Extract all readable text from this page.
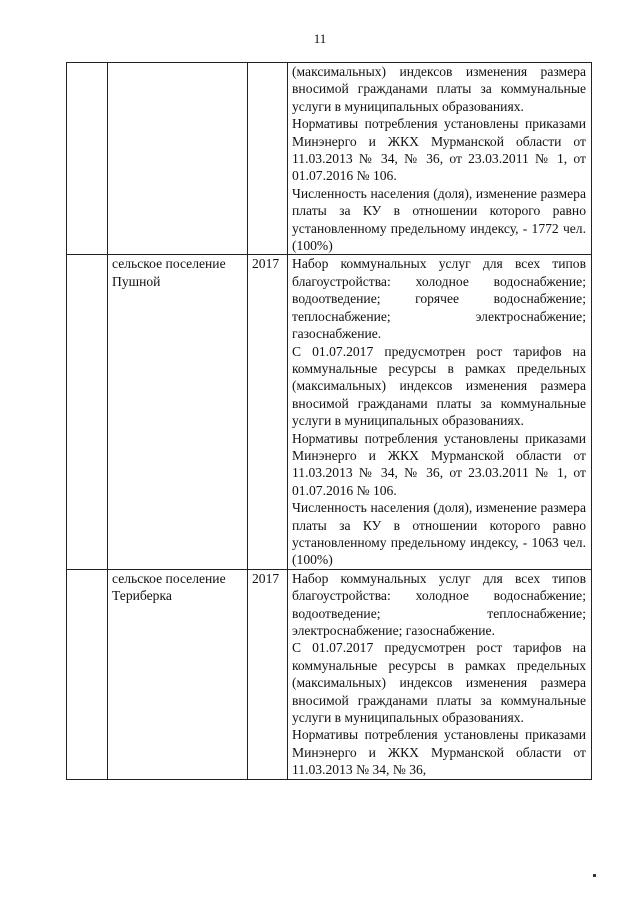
11

			(максимальных) индексов изменения размера вносимой гражданами платы за коммунальные услуги в муниципальных образованиях.

Нормативы потребления установлены приказами Минэнерго и ЖКХ Мурманской области от 11.03.2013 № 34, № 36, от 23.03.2011 № 1, от 01.07.2016 № 106.

Численность населения (доля), изменение размера платы за КУ в отношении которого равно установленному предельному индексу, - 1772 чел. (100%)

	сельское поселение Пушной	2017	Набор коммунальных услуг для всех типов благоустройства: холодное водоснабжение; водоотведение; горячее водоснабжение; теплоснабжение; электроснабжение; газоснабжение.

С 01.07.2017 предусмотрен рост тарифов на коммунальные ресурсы в рамках предельных (максимальных) индексов изменения размера вносимой гражданами платы за коммунальные услуги в муниципальных образованиях.

Нормативы потребления установлены приказами Минэнерго и ЖКХ Мурманской области от 11.03.2013 № 34, № 36, от 23.03.2011 № 1, от 01.07.2016 № 106.

Численность населения (доля), изменение размера платы за КУ в отношении которого равно установленному предельному индексу, - 1063 чел. (100%)

	сельское поселение Териберка	2017	Набор коммунальных услуг для всех типов благоустройства: холодное водоснабжение; водоотведение; теплоснабжение; электроснабжение; газоснабжение.

С 01.07.2017 предусмотрен рост тарифов на коммунальные ресурсы в рамках предельных (максимальных) индексов изменения размера вносимой гражданами платы за коммунальные услуги в муниципальных образованиях.

Нормативы потребления установлены приказами Минэнерго и ЖКХ Мурманской области от 11.03.2013 № 34, № 36,
